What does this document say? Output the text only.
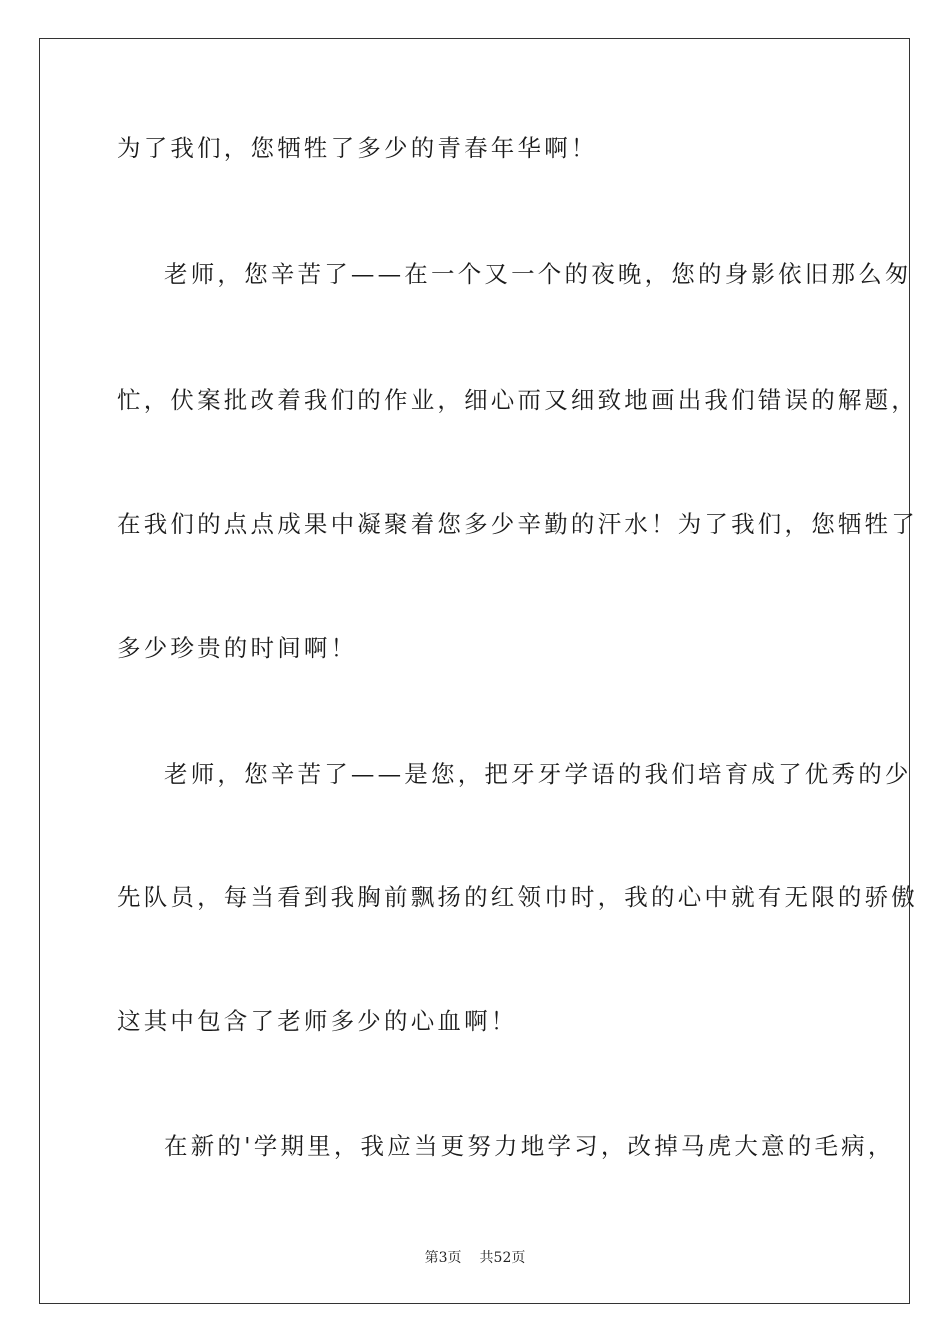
为了我们，您牺牲了多少的青春年华啊！
老师，您辛苦了——在一个又一个的夜晚，您的身影依旧那么匆
忙，伏案批改着我们的作业，细心而又细致地画出我们错误的解题，
在我们的点点成果中凝聚着您多少辛勤的汗水！为了我们，您牺牲了
多少珍贵的时间啊！
老师，您辛苦了——是您，把牙牙学语的我们培育成了优秀的少
先队员，每当看到我胸前飘扬的红领巾时，我的心中就有无限的骄傲
这其中包含了老师多少的心血啊！
在新的'学期里，我应当更努力地学习，改掉马虎大意的毛病，
第3页 共52页
